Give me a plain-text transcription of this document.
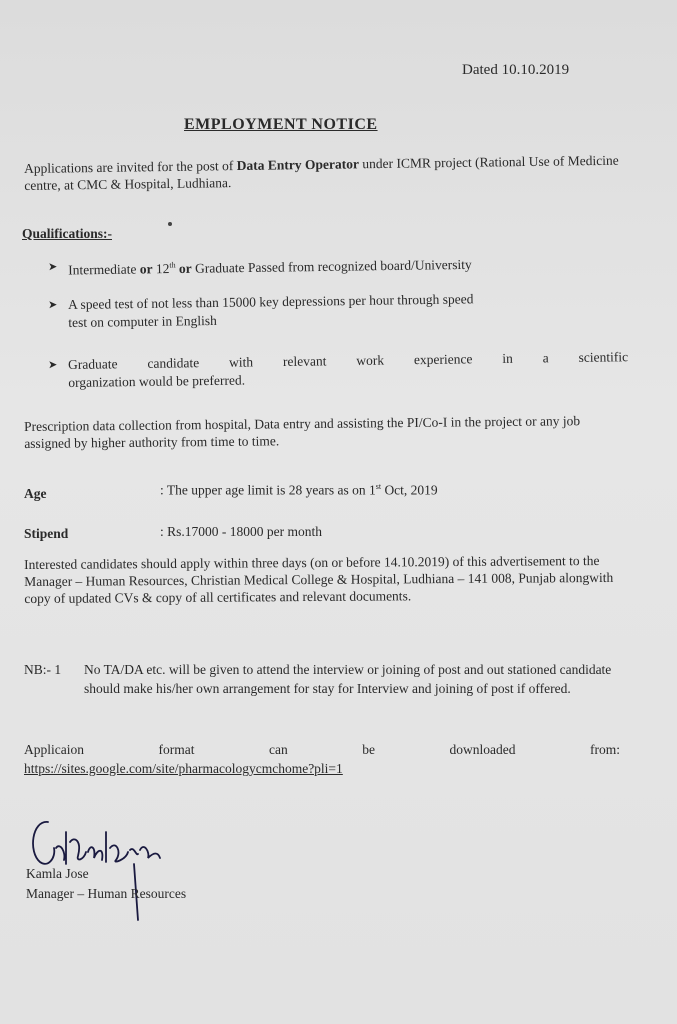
Dated 10.10.2019
EMPLOYMENT NOTICE
Applications are invited for the post of Data Entry Operator under ICMR project (Rational Use of Medicine centre, at CMC & Hospital, Ludhiana.
Qualifications:-
➤ Intermediate or 12th or Graduate Passed from recognized board/University
➤ A speed test of not less than 15000 key depressions per hour through speed
test on computer in English
➤ Graduate candidate with relevant work experience in a scientific
organization would be preferred.
Prescription data collection from hospital, Data entry and assisting the PI/Co-I in the project or any job assigned by higher authority from time to time.
Age	: The upper age limit is 28 years as on 1st Oct, 2019
Stipend	: Rs.17000 - 18000 per month
Interested candidates should apply within three days (on or before 14.10.2019) of this advertisement to the Manager – Human Resources, Christian Medical College & Hospital, Ludhiana – 141 008, Punjab alongwith copy of updated CVs & copy of all certificates and relevant documents.
NB:- 1 No TA/DA etc. will be given to attend the interview or joining of post and out stationed candidate should make his/her own arrangement for stay for Interview and joining of post if offered.
Applicaion	format	can	be	downloaded	from:
https://sites.google.com/site/pharmacologycmchome?pli=1
Kamla Jose
Manager – Human Resources
